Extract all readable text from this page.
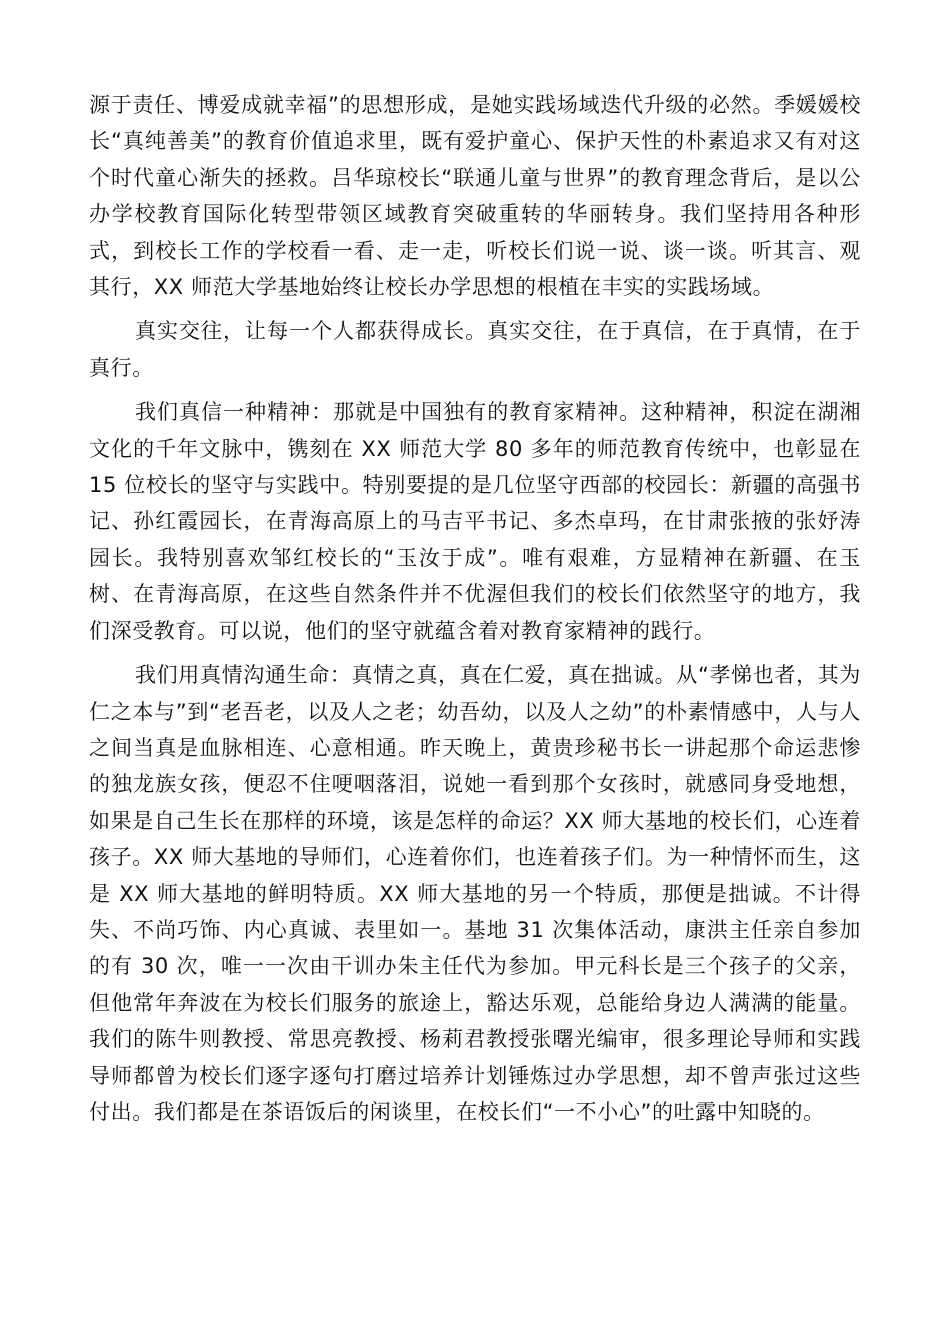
源于责任、博爱成就幸福”的思想形成，是她实践场域迭代升级的必然。季媛媛校长“真纯善美”的教育价值追求里，既有爱护童心、保护天性的朴素追求又有对这个时代童心渐失的拯救。吕华琼校长“联通儿童与世界”的教育理念背后，是以公办学校教育国际化转型带领区域教育突破重转的华丽转身。我们坚持用各种形式，到校长工作的学校看一看、走一走，听校长们说一说、谈一谈。听其言、观其行，XX 师范大学基地始终让校长办学思想的根植在丰实的实践场域。

真实交往，让每一个人都获得成长。真实交往，在于真信，在于真情，在于真行。

我们真信一种精神：那就是中国独有的教育家精神。这种精神，积淀在湖湘文化的千年文脉中，镌刻在 XX 师范大学 80 多年的师范教育传统中，也彰显在 15 位校长的坚守与实践中。特别要提的是几位坚守西部的校园长：新疆的高强书记、孙红霞园长，在青海高原上的马吉平书记、多杰卓玛，在甘肃张掖的张妤涛园长。我特别喜欢邹红校长的“玉汝于成”。唯有艰难，方显精神在新疆、在玉树、在青海高原，在这些自然条件并不优渥但我们的校长们依然坚守的地方，我们深受教育。可以说，他们的坚守就蕴含着对教育家精神的践行。

我们用真情沟通生命：真情之真，真在仁爱，真在拙诚。从“孝悌也者，其为仁之本与”到“老吾老，以及人之老；幼吾幼，以及人之幼”的朴素情感中，人与人之间当真是血脉相连、心意相通。昨天晚上，黄贵珍秘书长一讲起那个命运悲惨的独龙族女孩，便忍不住哽咽落泪，说她一看到那个女孩时，就感同身受地想，如果是自己生长在那样的环境，该是怎样的命运？XX 师大基地的校长们，心连着孩子。XX 师大基地的导师们，心连着你们，也连着孩子们。为一种情怀而生，这是 XX 师大基地的鲜明特质。XX 师大基地的另一个特质，那便是拙诚。不计得失、不尚巧饰、内心真诚、表里如一。基地 31 次集体活动，康洪主任亲自参加的有 30 次，唯一一次由干训办朱主任代为参加。甲元科长是三个孩子的父亲，但他常年奔波在为校长们服务的旅途上，豁达乐观，总能给身边人满满的能量。我们的陈牛则教授、常思亮教授、杨莉君教授张曙光编审，很多理论导师和实践导师都曾为校长们逐字逐句打磨过培养计划锤炼过办学思想，却不曾声张过这些付出。我们都是在茶语饭后的闲谈里，在校长们“一不小心”的吐露中知晓的。
